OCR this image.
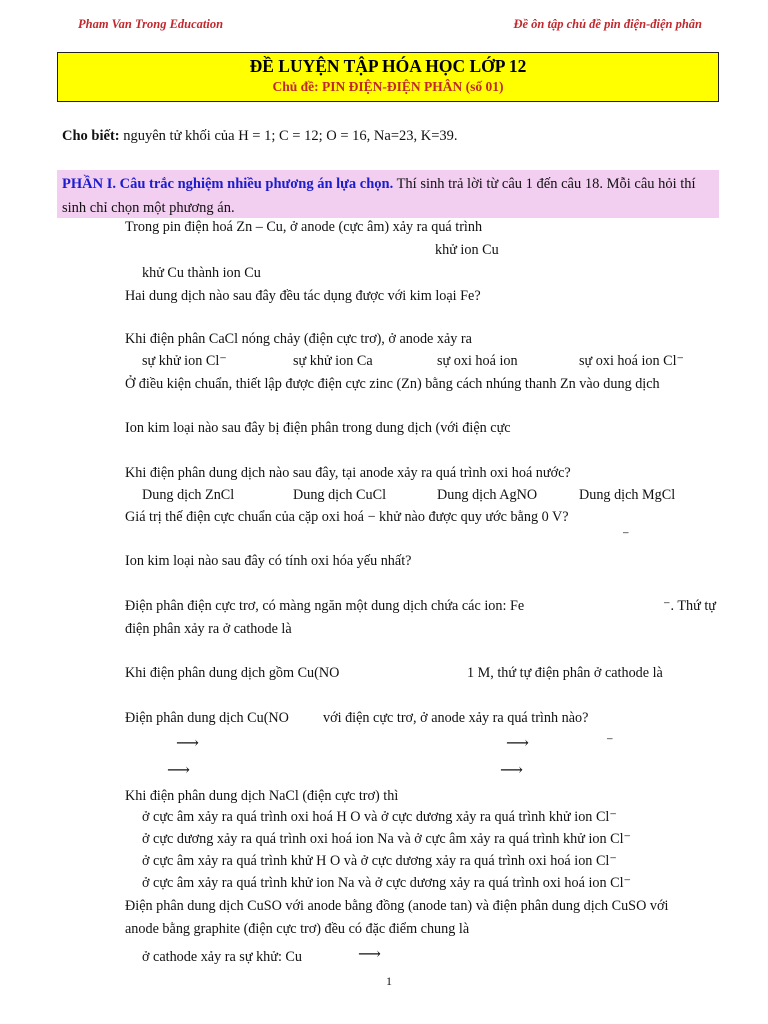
Pham Van Trong Education	Đề ôn tập chủ đề pin điện-điện phân
ĐỀ LUYỆN TẬP HÓA HỌC LỚP 12
Chủ đề: PIN ĐIỆN-ĐIỆN PHÂN (số 01)
Cho biết: nguyên tử khối của H = 1; C = 12; O = 16, Na=23, K=39.
PHẦN I. Câu trắc nghiệm nhiều phương án lựa chọn. Thí sinh trả lời từ câu 1 đến câu 18. Mỗi câu hỏi thí sinh chỉ chọn một phương án.
Trong pin điện hoá Zn – Cu, ở anode (cực âm) xảy ra quá trình
khử ion Cu
khử Cu thành ion Cu
Hai dung dịch nào sau đây đều tác dụng được với kim loại Fe?
Khi điện phân CaCl nóng chảy (điện cực trơ), ở anode xảy ra
sự khử ion Cl⁻	sự khử ion Ca	sự oxi hoá ion	sự oxi hoá ion Cl⁻
Ở điều kiện chuẩn, thiết lập được điện cực zinc (Zn) bằng cách nhúng thanh Zn vào dung dịch
Ion kim loại nào sau đây bị điện phân trong dung dịch (với điện cực
Khi điện phân dung dịch nào sau đây, tại anode xảy ra quá trình oxi hoá nước?
Dung dịch ZnCl	Dung dịch CuCl	Dung dịch AgNO	Dung dịch MgCl
Giá trị thế điện cực chuẩn của cặp oxi hoá − khử nào được quy ước bằng 0 V?
⁻
Ion kim loại nào sau đây có tính oxi hóa yếu nhất?
Điện phân điện cực trơ, có màng ngăn một dung dịch chứa các ion: Fe	⁻. Thứ tự
điện phân xảy ra ở cathode là
Khi điện phân dung dịch gồm Cu(NO	1 M, thứ tự điện phân ở cathode là
Điện phân dung dịch Cu(NO với điện cực trơ, ở anode xảy ra quá trình nào?
⟶	⟶	⁻
⟶	⟶
Khi điện phân dung dịch NaCl (điện cực trơ) thì
ở cực âm xảy ra quá trình oxi hoá H O và ở cực dương xảy ra quá trình khử ion Cl⁻
ở cực dương xảy ra quá trình oxi hoá ion Na và ở cực âm xảy ra quá trình khử ion Cl⁻
ở cực âm xảy ra quá trình khử H O và ở cực dương xảy ra quá trình oxi hoá ion Cl⁻
ở cực âm xảy ra quá trình khử ion Na và ở cực dương xảy ra quá trình oxi hoá ion Cl⁻
Điện phân dung dịch CuSO với anode bằng đồng (anode tan) và điện phân dung dịch CuSO với
anode bằng graphite (điện cực trơ) đều có đặc điểm chung là
ở cathode xảy ra sự khử: Cu	⟶
1
